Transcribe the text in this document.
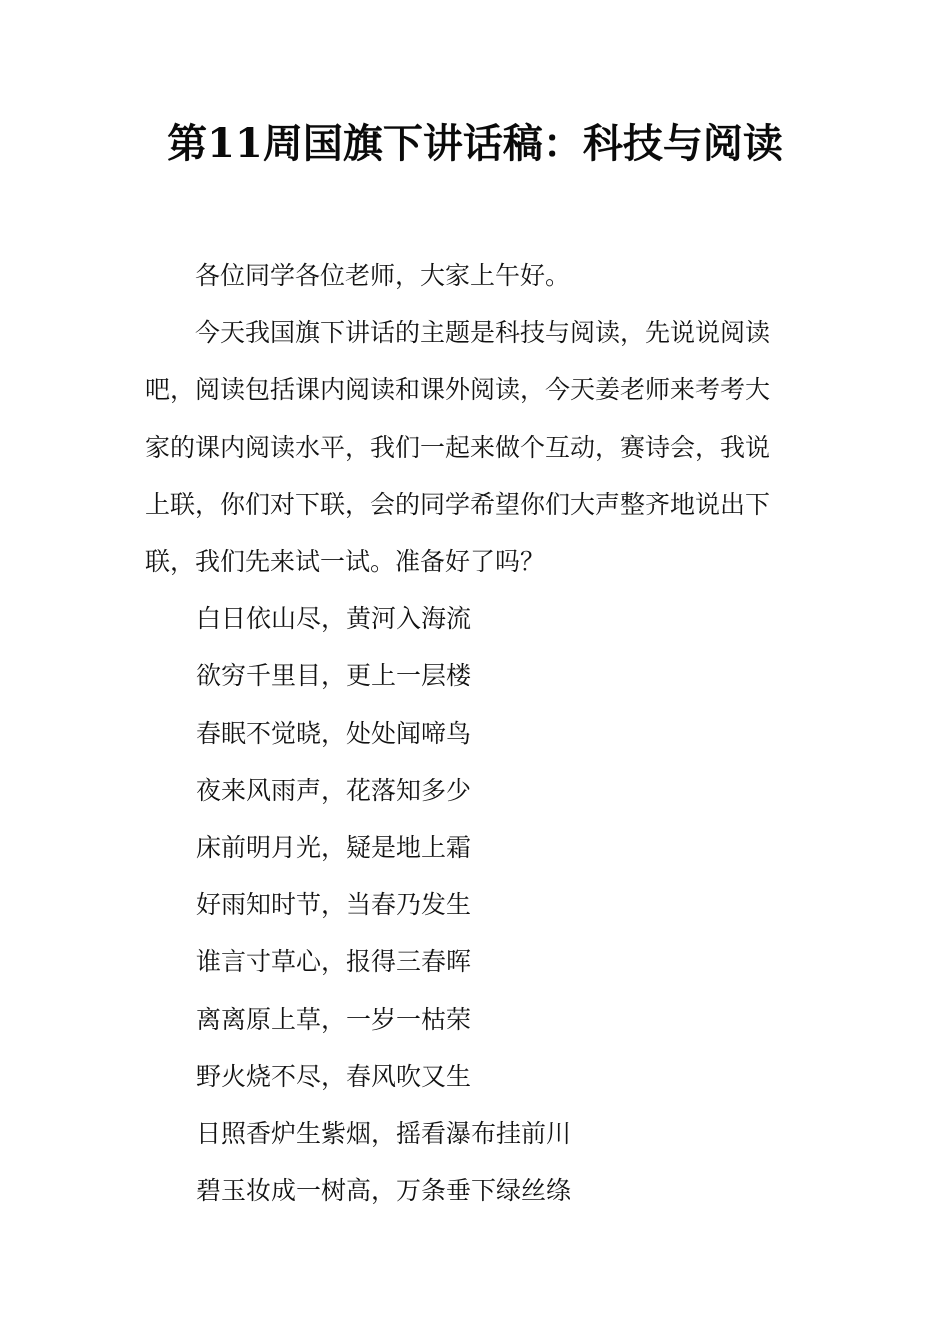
第11周国旗下讲话稿：科技与阅读

各位同学各位老师，大家上午好。

今天我国旗下讲话的主题是科技与阅读，先说说阅读
吧，阅读包括课内阅读和课外阅读，今天姜老师来考考大
家的课内阅读水平，我们一起来做个互动，赛诗会，我说
上联，你们对下联，会的同学希望你们大声整齐地说出下
联，我们先来试一试。准备好了吗？

白日依山尽，黄河入海流

欲穷千里目，更上一层楼

春眠不觉晓，处处闻啼鸟

夜来风雨声，花落知多少

床前明月光，疑是地上霜

好雨知时节，当春乃发生

谁言寸草心，报得三春晖

离离原上草，一岁一枯荣

野火烧不尽，春风吹又生

日照香炉生紫烟，摇看瀑布挂前川

碧玉妆成一树高，万条垂下绿丝绦
